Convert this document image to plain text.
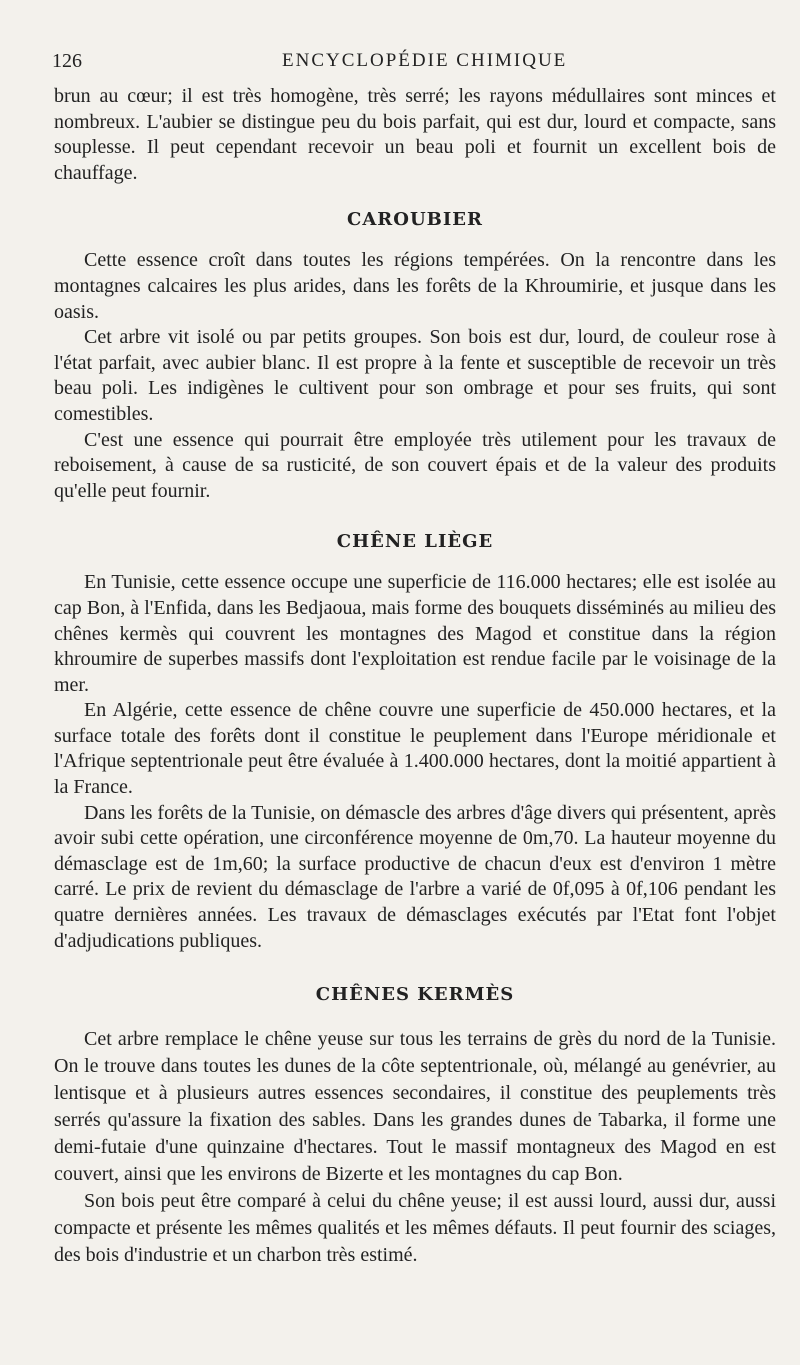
126	ENCYCLOPÉDIE CHIMIQUE

brun au cœur; il est très homogène, très serré; les rayons médullaires sont minces et nombreux. L'aubier se distingue peu du bois parfait, qui est dur, lourd et compacte, sans souplesse. Il peut cependant recevoir un beau poli et fournit un excellent bois de chauffage.

CAROUBIER

Cette essence croît dans toutes les régions tempérées. On la rencontre dans les montagnes calcaires les plus arides, dans les forêts de la Khroumirie, et jusque dans les oasis.

Cet arbre vit isolé ou par petits groupes. Son bois est dur, lourd, de couleur rose à l'état parfait, avec aubier blanc. Il est propre à la fente et susceptible de recevoir un très beau poli. Les indigènes le cultivent pour son ombrage et pour ses fruits, qui sont comestibles.

C'est une essence qui pourrait être employée très utilement pour les travaux de reboisement, à cause de sa rusticité, de son couvert épais et de la valeur des produits qu'elle peut fournir.

CHÊNE LIÈGE

En Tunisie, cette essence occupe une superficie de 116.000 hectares; elle est isolée au cap Bon, à l'Enfida, dans les Bedjaoua, mais forme des bouquets disséminés au milieu des chênes kermès qui couvrent les montagnes des Magod et constitue dans la région khroumire de superbes massifs dont l'exploitation est rendue facile par le voisinage de la mer.

En Algérie, cette essence de chêne couvre une superficie de 450.000 hectares, et la surface totale des forêts dont il constitue le peuplement dans l'Europe méridionale et l'Afrique septentrionale peut être évaluée à 1.400.000 hectares, dont la moitié appartient à la France.

Dans les forêts de la Tunisie, on démascle des arbres d'âge divers qui présentent, après avoir subi cette opération, une circonférence moyenne de 0m,70. La hauteur moyenne du démasclage est de 1m,60; la surface productive de chacun d'eux est d'environ 1 mètre carré. Le prix de revient du démasclage de l'arbre a varié de 0f,095 à 0f,106 pendant les quatre dernières années. Les travaux de démasclages exécutés par l'Etat font l'objet d'adjudications publiques.

CHÊNES KERMÈS

Cet arbre remplace le chêne yeuse sur tous les terrains de grès du nord de la Tunisie. On le trouve dans toutes les dunes de la côte septentrionale, où, mélangé au genévrier, au lentisque et à plusieurs autres essences secondaires, il constitue des peuplements très serrés qu'assure la fixation des sables. Dans les grandes dunes de Tabarka, il forme une demi-futaie d'une quinzaine d'hectares. Tout le massif montagneux des Magod en est couvert, ainsi que les environs de Bizerte et les montagnes du cap Bon.

Son bois peut être comparé à celui du chêne yeuse; il est aussi lourd, aussi dur, aussi compacte et présente les mêmes qualités et les mêmes défauts. Il peut fournir des sciages, des bois d'industrie et un charbon très estimé.
